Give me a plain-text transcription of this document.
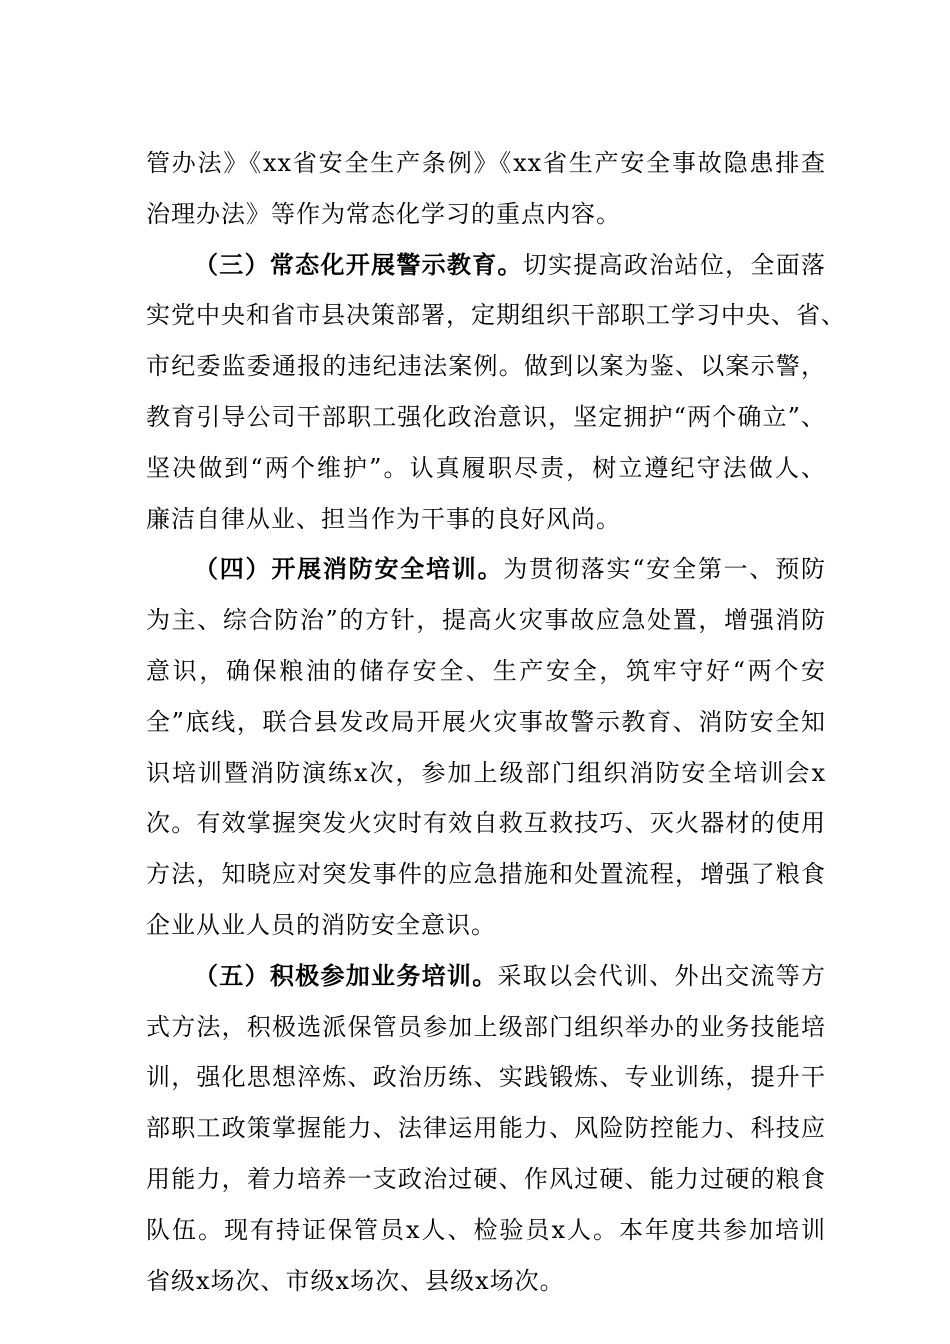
管办法》《xx省安全生产条例》《xx省生产安全事故隐患排查
治理办法》等作为常态化学习的重点内容。
（三）常态化开展警示教育。切实提高政治站位，全面落
实党中央和省市县决策部署，定期组织干部职工学习中央、省、
市纪委监委通报的违纪违法案例。做到以案为鉴、以案示警，
教育引导公司干部职工强化政治意识，坚定拥护“两个确立”、
坚决做到“两个维护”。认真履职尽责，树立遵纪守法做人、
廉洁自律从业、担当作为干事的良好风尚。
（四）开展消防安全培训。为贯彻落实“安全第一、预防
为主、综合防治”的方针，提高火灾事故应急处置，增强消防
意识，确保粮油的储存安全、生产安全，筑牢守好“两个安
全”底线，联合县发改局开展火灾事故警示教育、消防安全知
识培训暨消防演练x次，参加上级部门组织消防安全培训会x
次。有效掌握突发火灾时有效自救互救技巧、灭火器材的使用
方法，知晓应对突发事件的应急措施和处置流程，增强了粮食
企业从业人员的消防安全意识。
（五）积极参加业务培训。采取以会代训、外出交流等方
式方法，积极选派保管员参加上级部门组织举办的业务技能培
训，强化思想淬炼、政治历练、实践锻炼、专业训练，提升干
部职工政策掌握能力、法律运用能力、风险防控能力、科技应
用能力，着力培养一支政治过硬、作风过硬、能力过硬的粮食
队伍。现有持证保管员x人、检验员x人。本年度共参加培训
省级x场次、市级x场次、县级x场次。
